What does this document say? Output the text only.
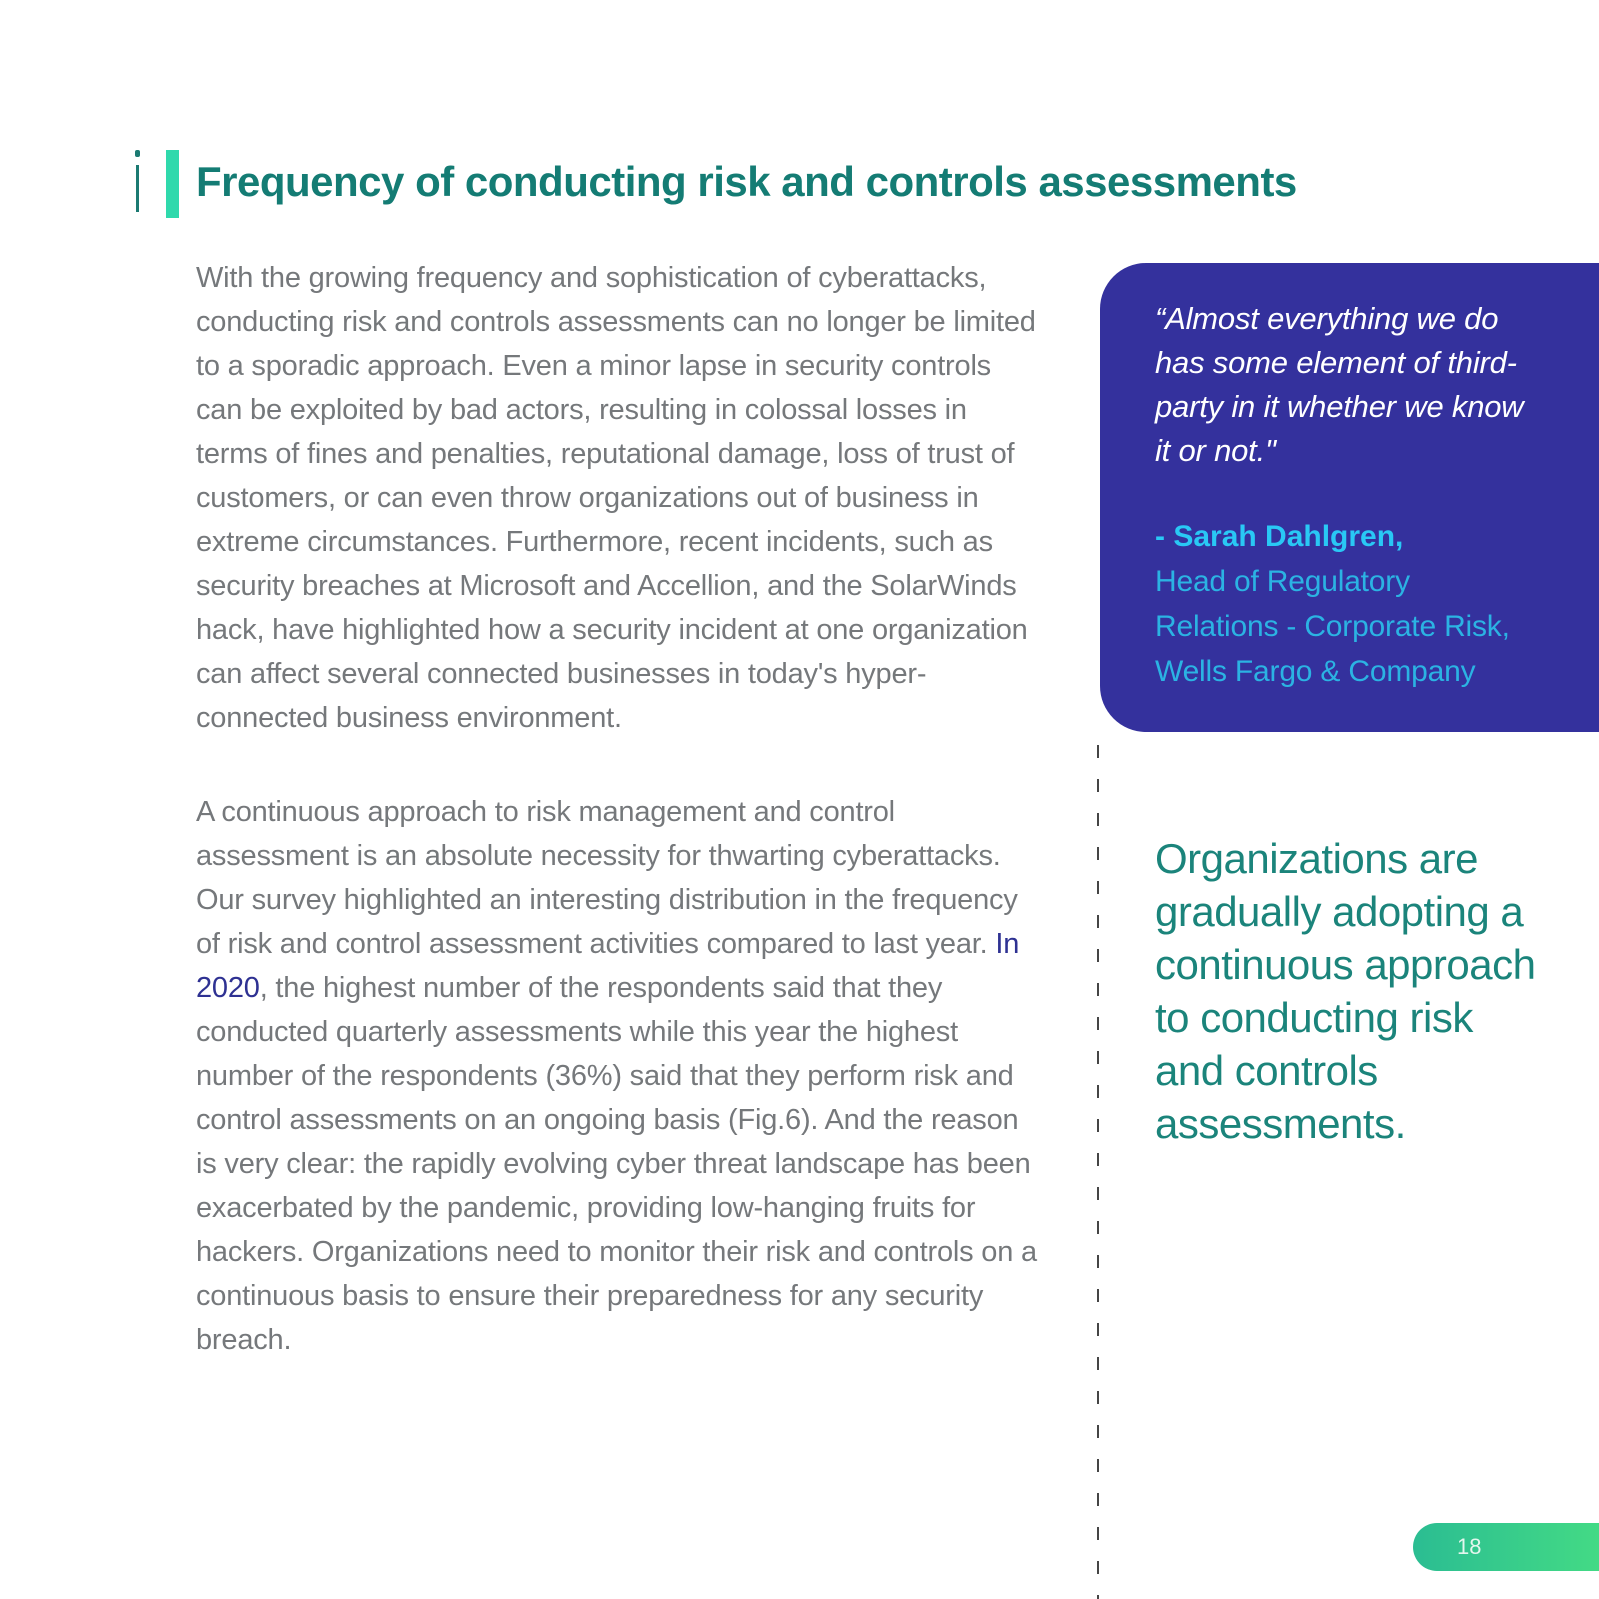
Frequency of conducting risk and controls assessments

With the growing frequency and sophistication of cyberattacks, conducting risk and controls assessments can no longer be limited to a sporadic approach. Even a minor lapse in security controls can be exploited by bad actors, resulting in colossal losses in terms of fines and penalties, reputational damage, loss of trust of customers, or can even throw organizations out of business in extreme circumstances. Furthermore, recent incidents, such as security breaches at Microsoft and Accellion, and the SolarWinds hack, have highlighted how a security incident at one organization can affect several connected businesses in today's hyper-connected business environment.

A continuous approach to risk management and control assessment is an absolute necessity for thwarting cyberattacks. Our survey highlighted an interesting distribution in the frequency of risk and control assessment activities compared to last year. In 2020, the highest number of the respondents said that they conducted quarterly assessments while this year the highest number of the respondents (36%) said that they perform risk and control assessments on an ongoing basis (Fig.6). And the reason is very clear: the rapidly evolving cyber threat landscape has been exacerbated by the pandemic, providing low-hanging fruits for hackers. Organizations need to monitor their risk and controls on a continuous basis to ensure their preparedness for any security breach.

“Almost everything we do has some element of third-party in it whether we know it or not."

- Sarah Dahlgren,

Head of Regulatory Relations - Corporate Risk, Wells Fargo & Company

Organizations are gradually adopting a continuous approach to conducting risk and controls assessments.

18
